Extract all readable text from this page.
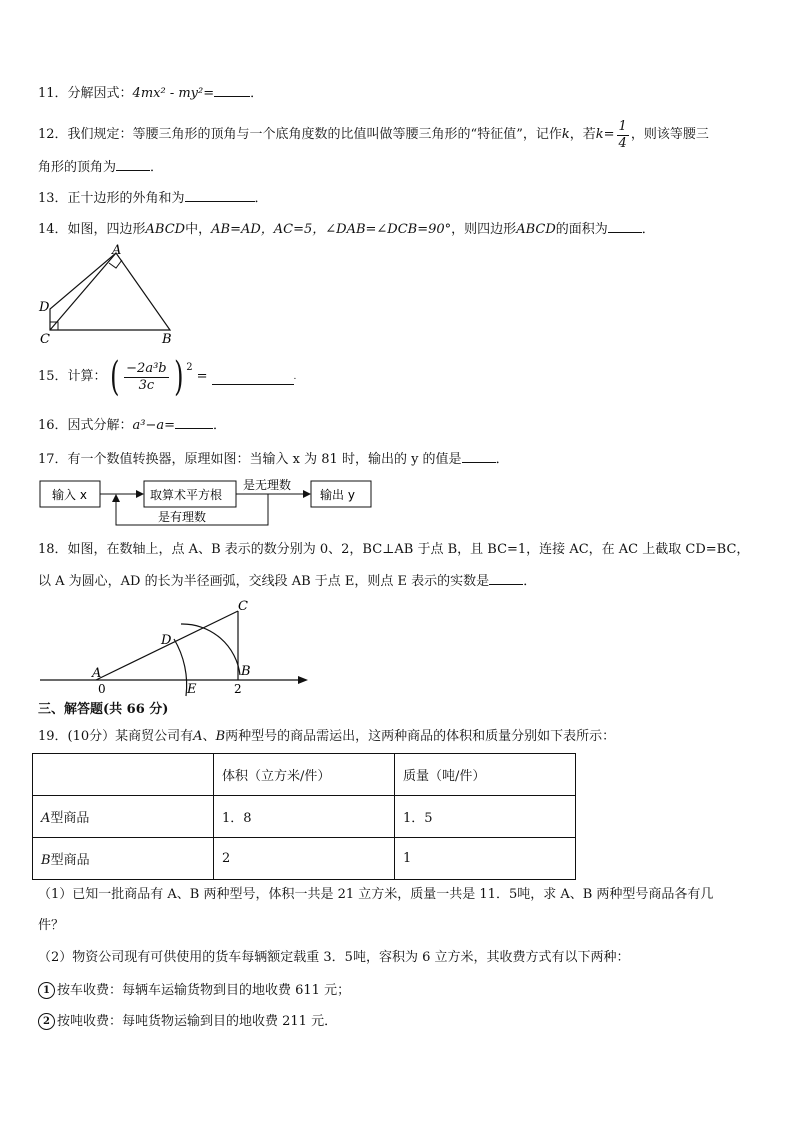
11．分解因式：4mx² - my²=	．
12．我们规定：等腰三角形的顶角与一个底角度数的比值叫做等腰三角形的“特征值”，记作 k ，若 $k= \frac{1}{4}$ ，则该等腰三
角形的顶角为	．
13．正十边形的外角和为	．
14．如图，四边形ABCD中，AB=AD，AC=5，∠DAB=∠DCB=90°，则四边形ABCD的面积为	．
A
D
C	B
15．计算： ( $\frac{\text{−2a³b}}{3c}$ ) 2
=	.
16．因式分解：a³−a=	．
17．有一个数值转换器，原理如图：当输入 x 为 81 时，输出的 y 的值是	．
输入 x	取算术平方根
是无理数
输出 y
是有理数
18．如图，在数轴上，点 A、B 表示的数分别为 0、2，BC⊥AB 于点 B，且 BC=1，连接 AC，在 AC 上截取 CD=BC，
以 A 为圆心，AD 的长为半径画弧，交线段 AB 于点 E，则点 E 表示的实数是	．
C
D
A	B
0	E	2
三、解答题(共 66 分)
19．(10分）某商贸公司有A、B两种型号的商品需运出，这两种商品的体积和质量分别如下表所示：
	体积（立方米/件）	质量（吨/件）
A型商品	1．8	1．5
B型商品	2	1
（1）已知一批商品有 A、B 两种型号，体积一共是 21 立方米，质量一共是 11．5吨，求 A、B 两种型号商品各有几
件？
（2）物资公司现有可供使用的货车每辆额定载重 3．5吨，容积为 6 立方米，其收费方式有以下两种：
1 按车收费：每辆车运输货物到目的地收费 611 元；
2 按吨收费：每吨货物运输到目的地收费 211 元．
